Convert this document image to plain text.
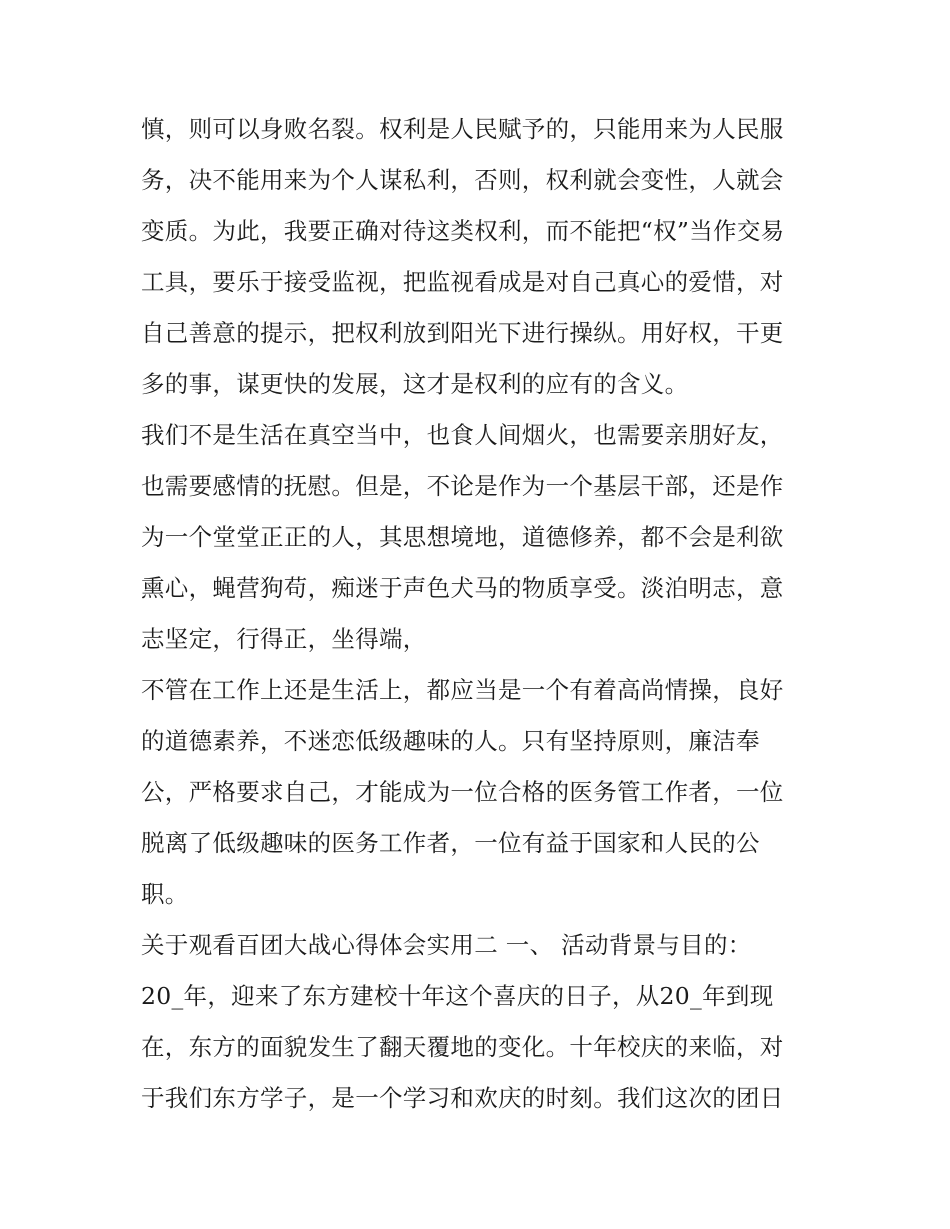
慎，则可以身败名裂。权利是人民赋予的，只能用来为人民服
务，决不能用来为个人谋私利，否则，权利就会变性，人就会
变质。为此，我要正确对待这类权利，而不能把“权”当作交易
工具，要乐于接受监视，把监视看成是对自己真心的爱惜，对
自己善意的提示，把权利放到阳光下进行操纵。用好权，干更
多的事，谋更快的发展，这才是权利的应有的含义。
我们不是生活在真空当中，也食人间烟火，也需要亲朋好友，
也需要感情的抚慰。但是，不论是作为一个基层干部，还是作
为一个堂堂正正的人，其思想境地，道德修养，都不会是利欲
熏心，蝇营狗苟，痴迷于声色犬马的物质享受。淡泊明志，意
志坚定，行得正，坐得端，
不管在工作上还是生活上，都应当是一个有着高尚情操，良好
的道德素养，不迷恋低级趣味的人。只有坚持原则，廉洁奉
公，严格要求自己，才能成为一位合格的医务管工作者，一位
脱离了低级趣味的医务工作者，一位有益于国家和人民的公
职。
关于观看百团大战心得体会实用二 一、 活动背景与目的：
20_年，迎来了东方建校十年这个喜庆的日子，从20_年到现
在，东方的面貌发生了翻天覆地的变化。十年校庆的来临，对
于我们东方学子，是一个学习和欢庆的时刻。我们这次的团日
